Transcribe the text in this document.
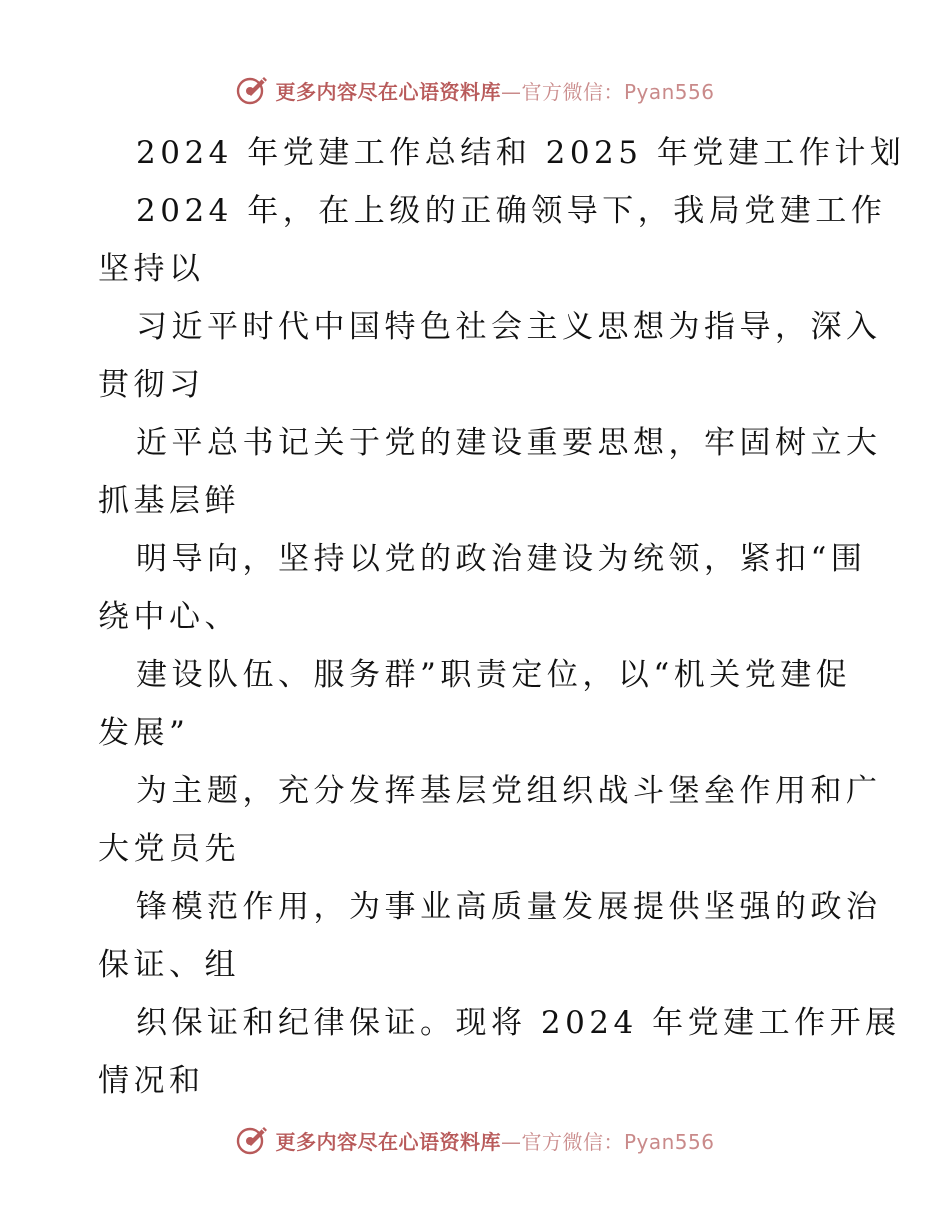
更多内容尽在心语资料库—官方微信：Pyan556
2024 年党建工作总结和 2025 年党建工作计划
2024 年，在上级的正确领导下，我局党建工作
坚持以
习近平时代中国特色社会主义思想为指导，深入
贯彻习
近平总书记关于党的建设重要思想，牢固树立大
抓基层鲜
明导向，坚持以党的政治建设为统领，紧扣“围
绕中心、
建设队伍、服务群”职责定位，以“机关党建促
发展”
为主题，充分发挥基层党组织战斗堡垒作用和广
大党员先
锋模范作用，为事业高质量发展提供坚强的政治
保证、组
织保证和纪律保证。现将 2024 年党建工作开展
情况和
更多内容尽在心语资料库—官方微信：Pyan556
